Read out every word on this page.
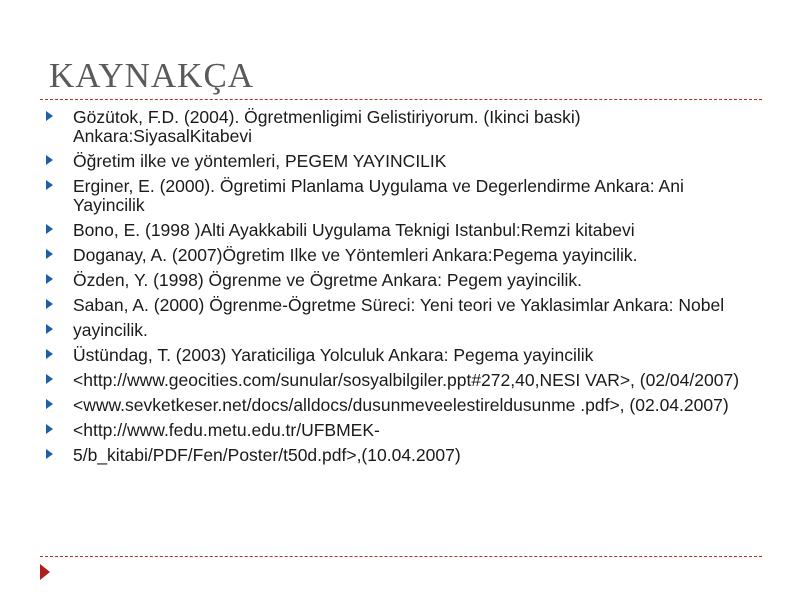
KAYNAKÇA
Gözütok, F.D. (2004). Ögretmenligimi Gelistiriyorum. (Ikinci baski) Ankara:SiyasalKitabevi
Öğretim ilke ve yöntemleri, PEGEM YAYINCILIK
Erginer, E. (2000). Ögretimi Planlama Uygulama ve Degerlendirme Ankara: Ani Yayincilik
Bono, E. (1998 )Alti Ayakkabili Uygulama Teknigi Istanbul:Remzi kitabevi
Doganay, A. (2007)Ögretim Ilke ve Yöntemleri Ankara:Pegema yayincilik.
Özden, Y. (1998) Ögrenme ve Ögretme Ankara: Pegem yayincilik.
Saban, A. (2000) Ögrenme-Ögretme Süreci: Yeni teori ve Yaklasimlar Ankara: Nobel
yayincilik.
Üstündag, T. (2003) Yaraticiliga Yolculuk Ankara: Pegema yayincilik
<http://www.geocities.com/sunular/sosyalbilgiler.ppt#272,40,NESI VAR>, (02/04/2007)
<www.sevketkeser.net/docs/alldocs/dusunmeveelestireldusunme .pdf>, (02.04.2007)
<http://www.fedu.metu.edu.tr/UFBMEK-
5/b_kitabi/PDF/Fen/Poster/t50d.pdf>,(10.04.2007)
